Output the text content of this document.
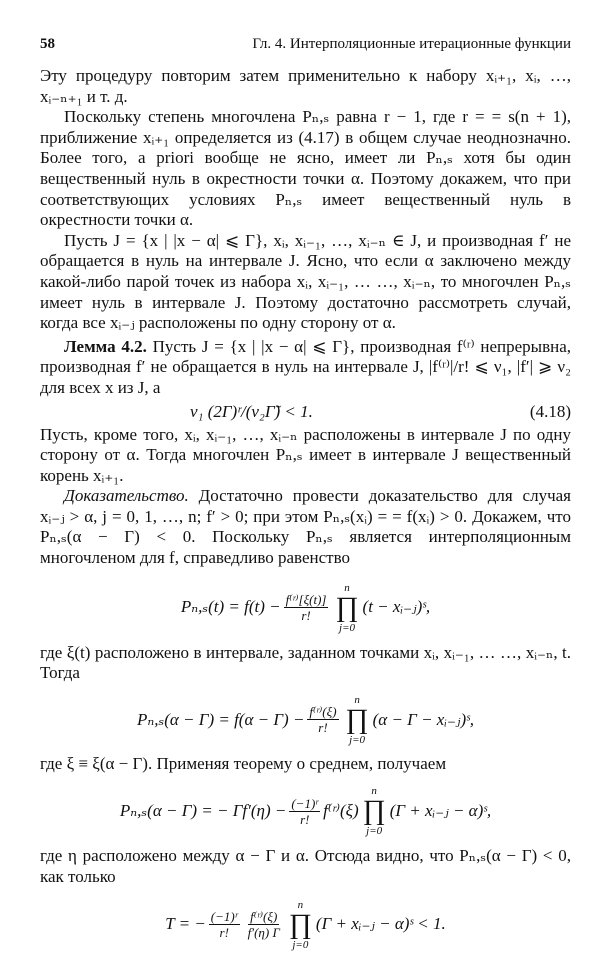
58	Гл. 4. Интерполяционные итерационные функции

Эту процедуру повторим затем применительно к набору xᵢ₊₁, xᵢ, …, xᵢ₋ₙ₊₁ и т. д.

Поскольку степень многочлена Pₙ,ₛ равна r − 1, где r = = s(n + 1), приближение xᵢ₊₁ определяется из (4.17) в общем случае неоднозначно. Более того, a priori вообще не ясно, имеет ли Pₙ,ₛ хотя бы один вещественный нуль в окрестности точки α. Поэтому докажем, что при соответствующих условиях Pₙ,ₛ имеет вещественный нуль в окрестности точки α.

Пусть J = {x | |x − α| ⩽ Γ}, xᵢ, xᵢ₋₁, …, xᵢ₋ₙ ∈ J, и производная f′ не обращается в нуль на интервале J. Ясно, что если α заключено между какой-либо парой точек из набора xᵢ, xᵢ₋₁, … …, xᵢ₋ₙ, то многочлен Pₙ,ₛ имеет нуль в интервале J. Поэтому достаточно рассмотреть случай, когда все xᵢ₋ⱼ расположены по одну сторону от α.

Лемма 4.2. Пусть J = {x | |x − α| ⩽ Γ}, производная f⁽ʳ⁾ непрерывна, производная f′ не обращается в нуль на интервале J, |f⁽ʳ⁾|/r! ⩽ ν₁, |f′| ⩾ ν₂ для всех x из J, а

ν₁ (2Γ)ʳ/(ν₂Γ̃) < 1.	(4.18)

Пусть, кроме того, xᵢ, xᵢ₋₁, …, xᵢ₋ₙ расположены в интервале J по одну сторону от α. Тогда многочлен Pₙ,ₛ имеет в интервале J вещественный корень xᵢ₊₁.

Доказательство. Достаточно провести доказательство для случая xᵢ₋ⱼ > α, j = 0, 1, …, n; f′ > 0; при этом Pₙ,ₛ(xᵢ) = = f(xᵢ) > 0. Докажем, что Pₙ,ₛ(α − Γ) < 0. Поскольку Pₙ,ₛ является интерполяционным многочленом для f, справедливо равенство

$P_n,_s(t) = f(t) - \frac{\text{f⁽ʳ⁾[ξ(t)]}}{r!}$
n
∏
j=0
(t − xᵢ₋ⱼ)ˢ,

где ξ(t) расположено в интервале, заданном точками xᵢ, xᵢ₋₁, … …, xᵢ₋ₙ, t. Тогда

$P_n,_s(\alpha - \Gamma) = f(\alpha - \Gamma) - \frac{\text{f⁽ʳ⁾(ξ)}}{r!}$
n
∏
j=0
(α − Γ − xᵢ₋ⱼ)ˢ,

где ξ ≡ ξ(α − Γ). Применяя теорему о среднем, получаем

Pₙ,ₛ(α − Γ) = − $\Gamma f'(\eta) - \frac{\text{(−1)ʳ}}{r!}$ f⁽ʳ⁾(ξ)
n
∏
j=0
(Γ + xᵢ₋ⱼ − α)ˢ,

где η расположено между α − Γ и α. Отсюда видно, что Pₙ,ₛ(α − Γ) < 0, как только

T = − $\frac{\text{(−1)ʳ}}{r!} \frac{\text{f⁽ʳ⁾(ξ)}}{f'(\eta) \Gamma}$
n
∏
j=0
(Γ + xᵢ₋ⱼ − α)ˢ < 1.
